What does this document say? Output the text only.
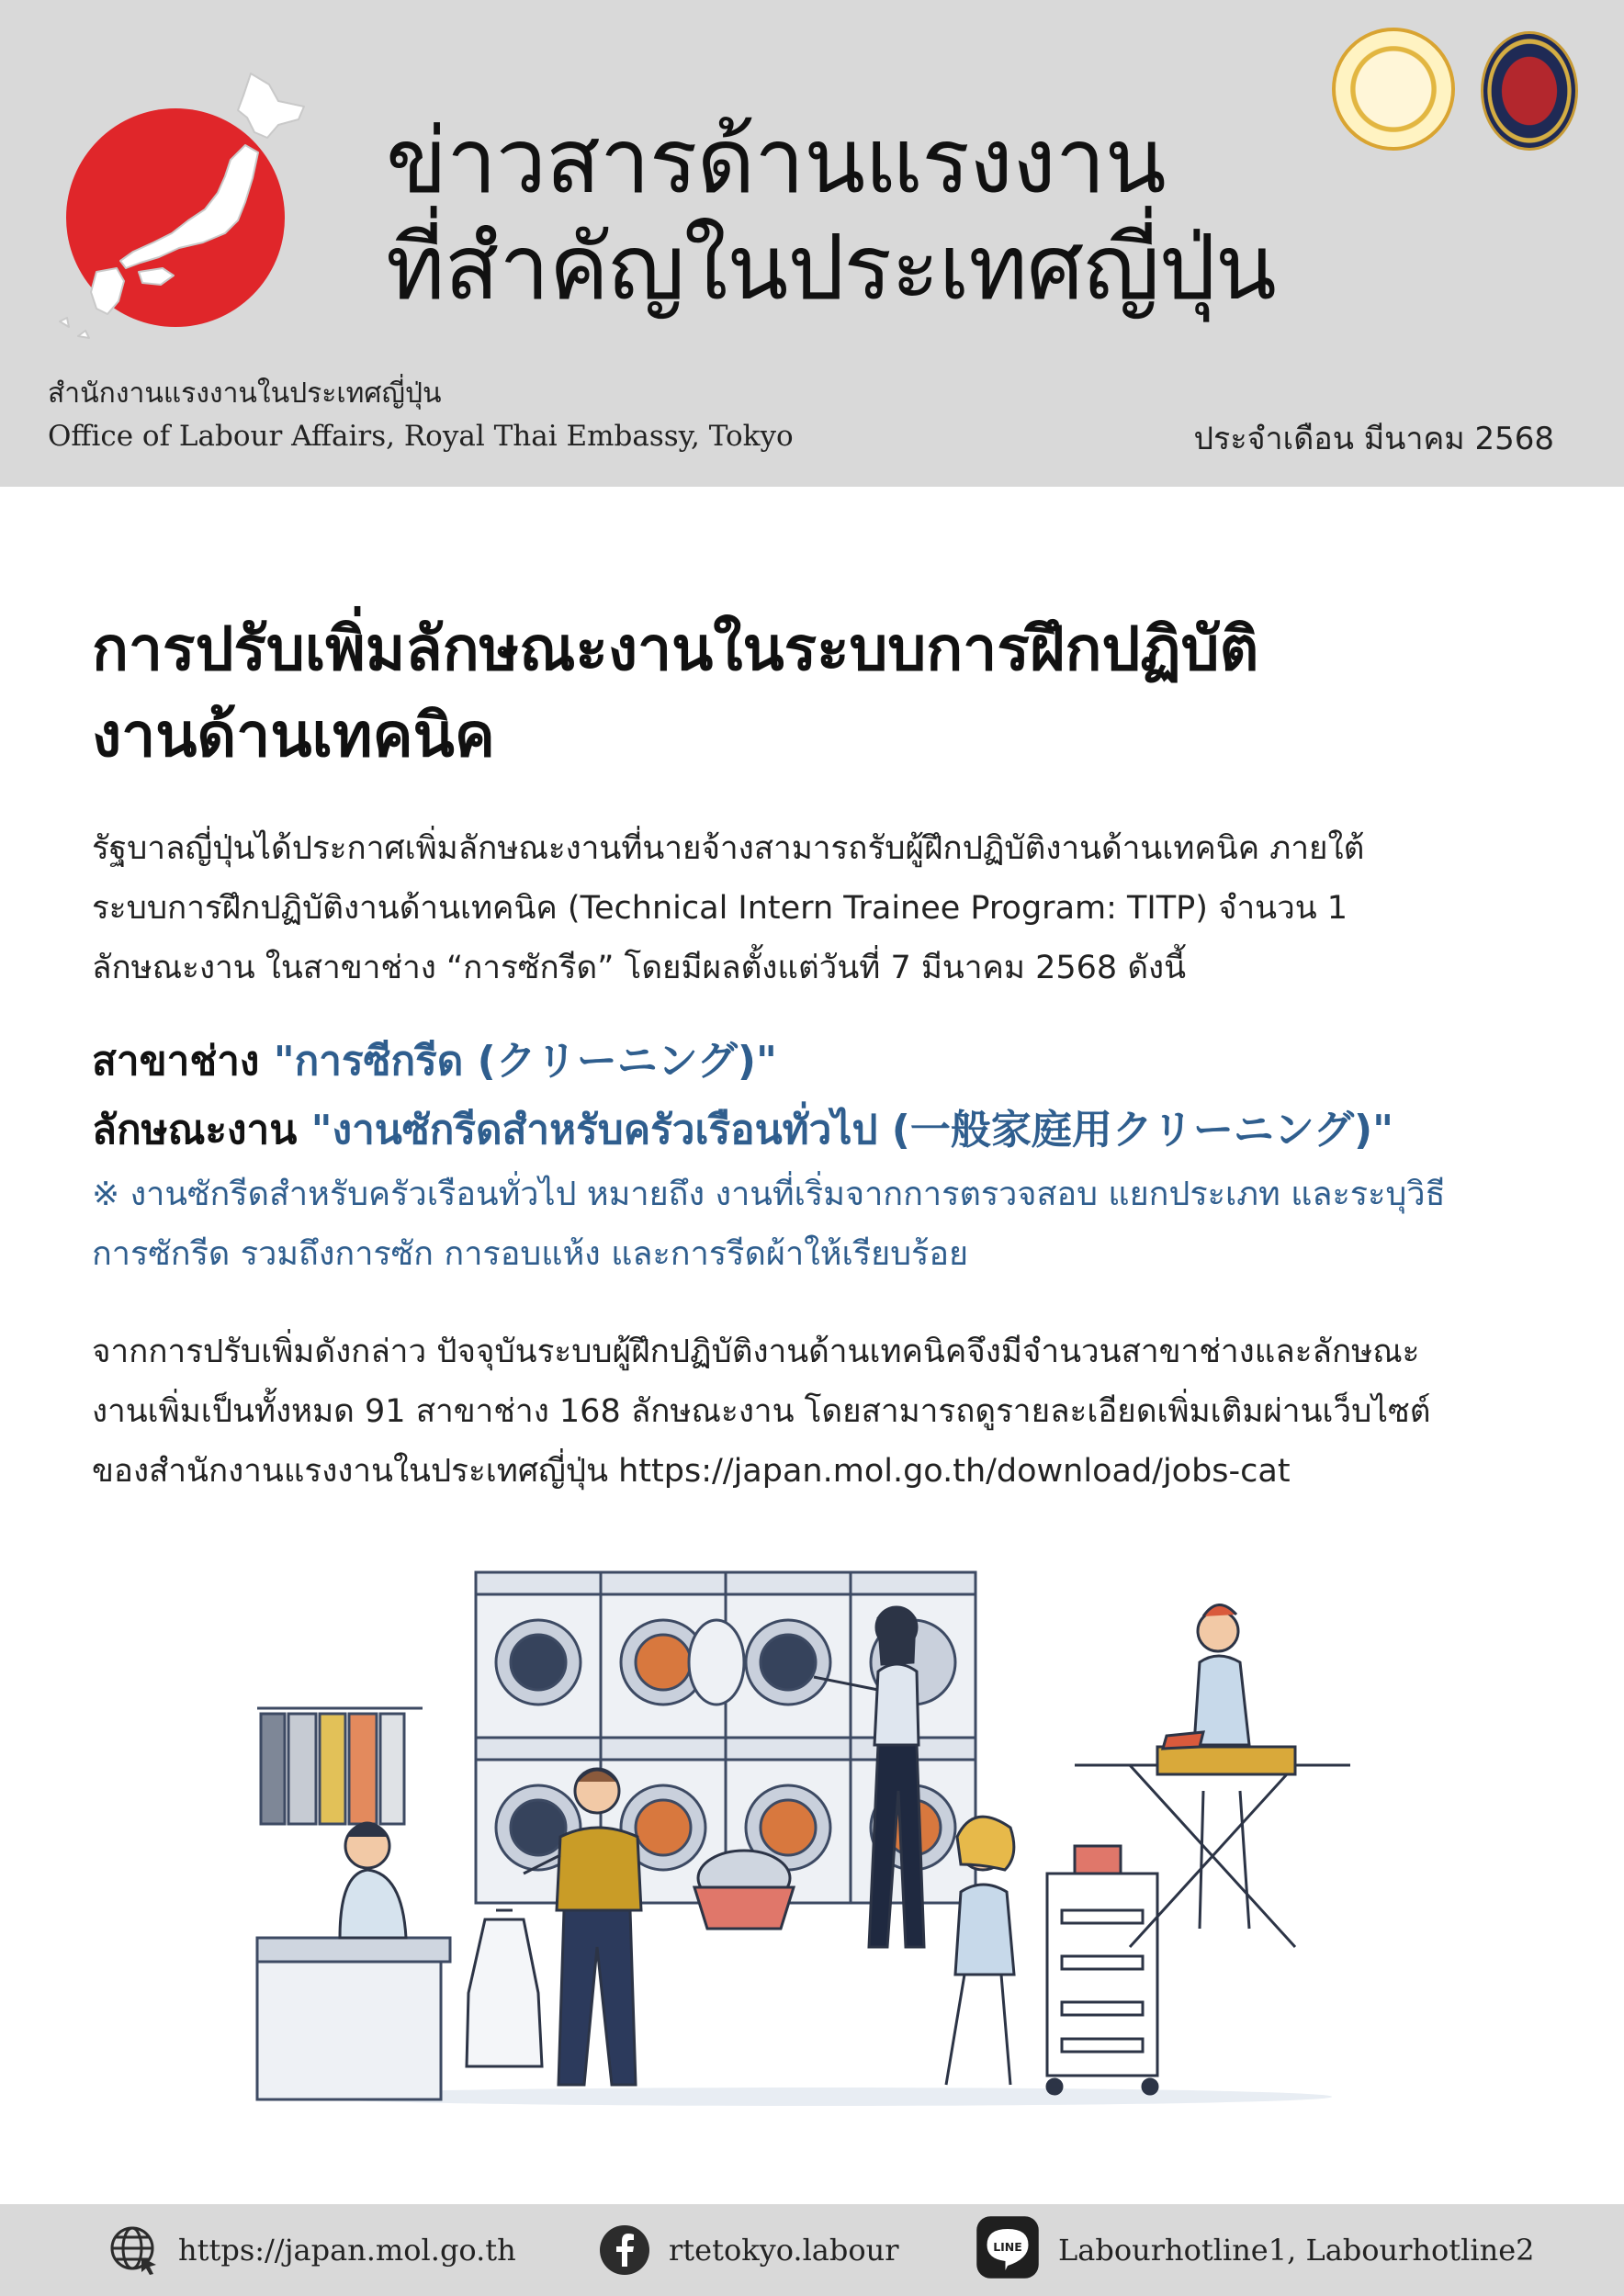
ข่าวสารด้านแรงงาน
ที่สำคัญในประเทศญี่ปุ่น
สำนักงานแรงงานในประเทศญี่ปุ่น
Office of Labour Affairs, Royal Thai Embassy, Tokyo	ประจำเดือน มีนาคม 2568
การปรับเพิ่มลักษณะงานในระบบการฝึกปฏิบัติ
งานด้านเทคนิค
รัฐบาลญี่ปุ่นได้ประกาศเพิ่มลักษณะงานที่นายจ้างสามารถรับผู้ฝึกปฏิบัติงานด้านเทคนิค ภายใต้
ระบบการฝึกปฏิบัติงานด้านเทคนิค (Technical Intern Trainee Program: TITP) จำนวน 1
ลักษณะงาน ในสาขาช่าง “การซักรีด” โดยมีผลตั้งแต่วันที่ 7 มีนาคม 2568 ดังนี้
สาขาช่าง "การซีกรีด (クリーニング)"
ลักษณะงาน "งานซักรีดสำหรับครัวเรือนทั่วไป (一般家庭用クリーニング)"
※ งานซักรีดสำหรับครัวเรือนทั่วไป หมายถึง งานที่เริ่มจากการตรวจสอบ แยกประเภท และระบุวิธี
การซักรีด รวมถึงการซัก การอบแห้ง และการรีดผ้าให้เรียบร้อย
จากการปรับเพิ่มดังกล่าว ปัจจุบันระบบผู้ฝึกปฏิบัติงานด้านเทคนิคจึงมีจำนวนสาขาช่างและลักษณะ
งานเพิ่มเป็นทั้งหมด 91 สาขาช่าง 168 ลักษณะงาน โดยสามารถดูรายละเอียดเพิ่มเติมผ่านเว็บไซต์
ของสำนักงานแรงงานในประเทศญี่ปุ่น https://japan.mol.go.th/download/jobs-cat
https://japan.mol.go.th	rtetokyo.labour	LINE Labourhotline1, Labourhotline2
